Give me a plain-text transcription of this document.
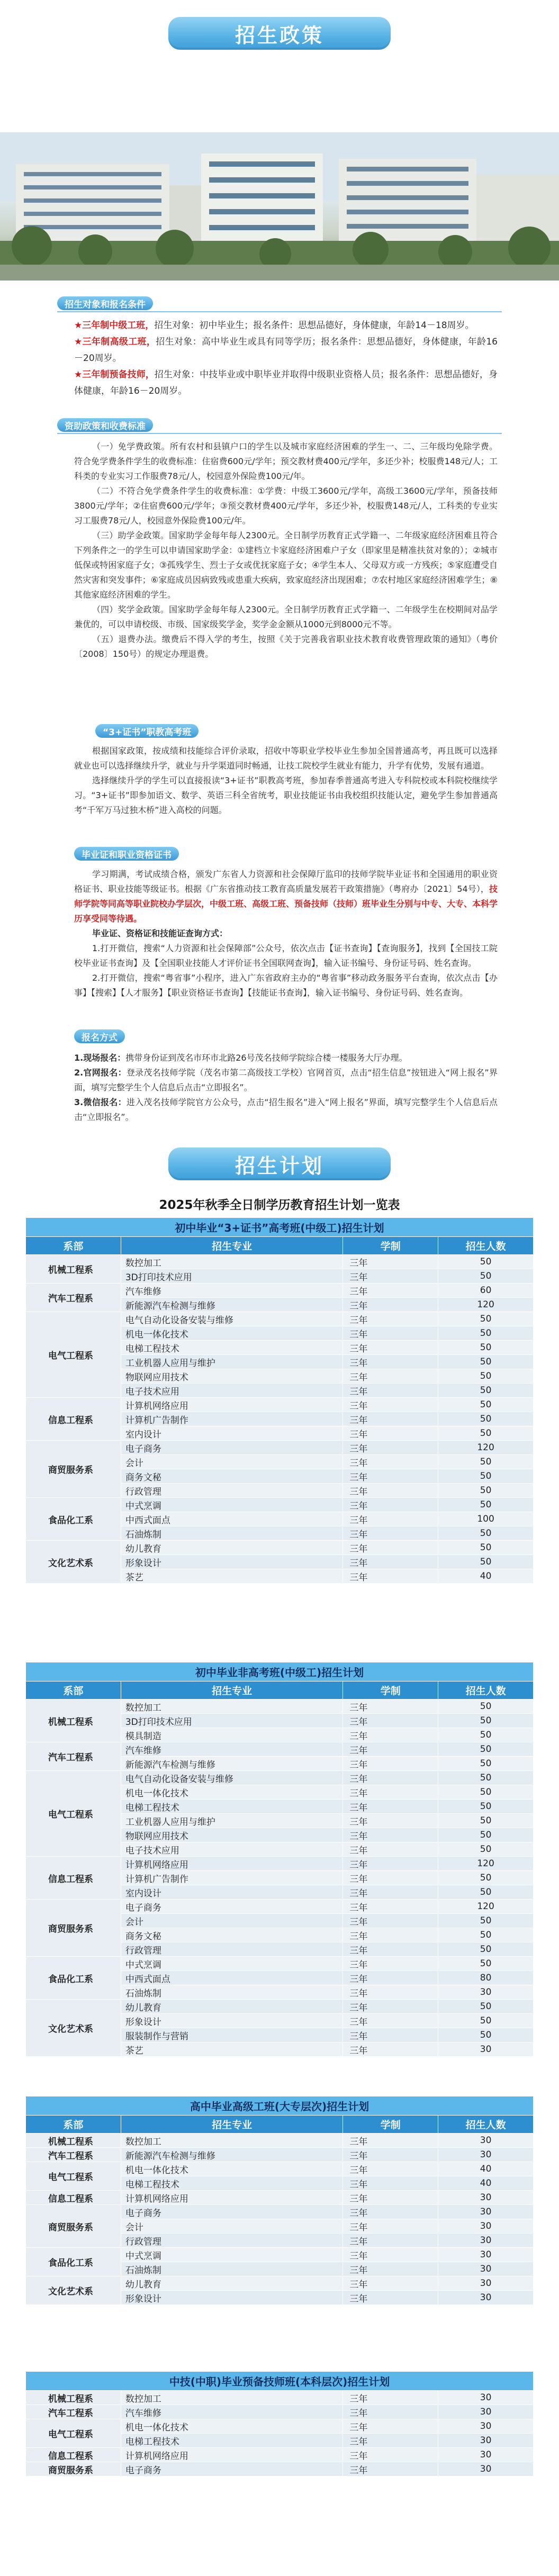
招生政策
招生对象和报名条件

★三年制中级工班，招生对象：初中毕业生；报名条件：思想品德好，身体健康，年龄14－18周岁。

★三年制高级工班，招生对象：高中毕业生或具有同等学历；报名条件：思想品德好，身体健康，年龄16－20周岁。

★三年制预备技师，招生对象：中技毕业或中职毕业并取得中级职业资格人员；报名条件：思想品德好，身体健康，年龄16－20周岁。

资助政策和收费标准

（一）免学费政策。所有农村和县镇户口的学生以及城市家庭经济困难的学生一、二、三年级均免除学费。符合免学费条件学生的收费标准：住宿费600元/学年；预交教材费400元/学年，多还少补；校服费148元/人；工科类的专业实习工作服费78元/人，校园意外保险费100元/年。

（二）不符合免学费条件学生的收费标准：①学费：中级工3600元/学年，高级工3600元/学年，预备技师3800元/学年；②住宿费600元/学年；③预交教材费400元/学年，多还少补，校服费148元/人，工科类的专业实习工服费78元/人，校园意外保险费100元/年。

（三）助学金政策。国家助学金每年每人2300元。全日制学历教育正式学籍一、二年级家庭经济困难且符合下列条件之一的学生可以申请国家助学金：①建档立卡家庭经济困难户子女（即家里是精准扶贫对象的）；②城市低保或特困家庭子女；③孤残学生、烈士子女或优抚家庭子女；④学生本人、父母双方或一方残疾；⑤家庭遭受自然灾害和突发事件；⑥家庭成员因病致残或患重大疾病，致家庭经济出现困难；⑦农村地区家庭经济困难学生；⑧其他家庭经济困难的学生。

（四）奖学金政策。国家助学金每年每人2300元。全日制学历教育正式学籍一、二年级学生在校期间对品学兼优的，可以申请校级、市级、国家级奖学金，奖学金金额从1000元到8000元不等。

（五）退费办法。缴费后不得入学的考生，按照《关于完善我省职业技术教育收费管理政策的通知》（粤价〔2008〕150号）的规定办理退费。

“3+证书”职教高考班

根据国家政策，按成绩和技能综合评价录取，招收中等职业学校毕业生参加全国普通高考，再且既可以选择就业也可以选择继续升学，就业与升学渠道同时畅通，让技工院校学生就业有能力，升学有优势，发展有通道。

选择继续升学的学生可以直接报读“3+证书”职教高考班，参加春季普通高考进入专科院校或本科院校继续学习。“3+证书”即参加语文、数学、英语三科全省统考，职业技能证书由我校组织技能认定，避免学生参加普通高考“千军万马过独木桥”进入高校的问题。

毕业证和职业资格证书

学习期满，考试成绩合格，颁发广东省人力资源和社会保障厅监印的技师学院毕业证书和全国通用的职业资格证书、职业技能等级证书。根据《广东省推动技工教育高质量发展若干政策措施》（粤府办〔2021〕54号），技师学院等同高等职业院校办学层次，中级工班、高级工班、预备技师（技师）班毕业生分别与中专、大专、本科学历享受同等待遇。

毕业证、资格证和技能证查询方式：

1.打开微信，搜索“人力资源和社会保障部”公众号，依次点击【证书查询】【查询服务】，找到【全国技工院校毕业证书查询】及【全国职业技能人才评价证书全国联网查询】，输入证书编号、身份证号码、姓名查询。

2.打开微信，搜索“粤省事”小程序，进入广东省政府主办的“粤省事”移动政务服务平台查询，依次点击【办事】【搜索】【人才服务】【职业资格证书查询】【技能证书查询】，输入证书编号、身份证号码、姓名查询。

报名方式

1.现场报名：携带身份证到茂名市环市北路26号茂名技师学院综合楼一楼服务大厅办理。

2.官网报名：登录茂名技师学院（茂名市第二高级技工学校）官网首页，点击“招生信息”按钮进入“网上报名”界面，填写完整学生个人信息后点击“立即报名”。

3.微信报名：进入茂名技师学院官方公众号，点击“招生报名”进入“网上报名”界面，填写完整学生个人信息后点击“立即报名”。

招生计划
2025年秋季全日制学历教育招生计划一览表
初中毕业“3+证书”高考班(中级工)招生计划			
系部	招生专业	学制	招生人数
机械工程系	数控加工	三年	50
	3D打印技术应用	三年	50
汽车工程系	汽车维修	三年	60
	新能源汽车检测与维修	三年	120
电气工程系	电气自动化设备安装与维修	三年	50
	机电一体化技术	三年	50
	电梯工程技术	三年	50
	工业机器人应用与维护	三年	50
	物联网应用技术	三年	50
	电子技术应用	三年	50
信息工程系	计算机网络应用	三年	50
	计算机广告制作	三年	50
	室内设计	三年	50
商贸服务系	电子商务	三年	120
	会计	三年	50
	商务文秘	三年	50
	行政管理	三年	50
食品化工系	中式烹调	三年	50
	中西式面点	三年	100
	石油炼制	三年	50
文化艺术系	幼儿教育	三年	50
	形象设计	三年	50
	茶艺	三年	40
初中毕业非高考班(中级工)招生计划			
系部	招生专业	学制	招生人数
机械工程系	数控加工	三年	50
	3D打印技术应用	三年	50
	模具制造	三年	50
汽车工程系	汽车维修	三年	50
	新能源汽车检测与维修	三年	50
电气工程系	电气自动化设备安装与维修	三年	50
	机电一体化技术	三年	50
	电梯工程技术	三年	50
	工业机器人应用与维护	三年	50
	物联网应用技术	三年	50
	电子技术应用	三年	50
信息工程系	计算机网络应用	三年	120
	计算机广告制作	三年	50
	室内设计	三年	50
商贸服务系	电子商务	三年	120
	会计	三年	50
	商务文秘	三年	50
	行政管理	三年	50
食品化工系	中式烹调	三年	50
	中西式面点	三年	80
	石油炼制	三年	30
文化艺术系	幼儿教育	三年	50
	形象设计	三年	50
	服装制作与营销	三年	50
	茶艺	三年	30
高中毕业高级工班(大专层次)招生计划			
系部	招生专业	学制	招生人数
机械工程系	数控加工	三年	30
汽车工程系	新能源汽车检测与维修	三年	30
电气工程系	机电一体化技术	三年	40
	电梯工程技术	三年	40
信息工程系	计算机网络应用	三年	30
商贸服务系	电子商务	三年	30
	会计	三年	30
	行政管理	三年	30
食品化工系	中式烹调	三年	30
	石油炼制	三年	30
文化艺术系	幼儿教育	三年	30
	形象设计	三年	30
中技(中职)毕业预备技师班(本科层次)招生计划			
机械工程系	数控加工	三年	30
汽车工程系	汽车维修	三年	30
电气工程系	机电一体化技术	三年	30
	电梯工程技术	三年	30
信息工程系	计算机网络应用	三年	30
商贸服务系	电子商务	三年	30
